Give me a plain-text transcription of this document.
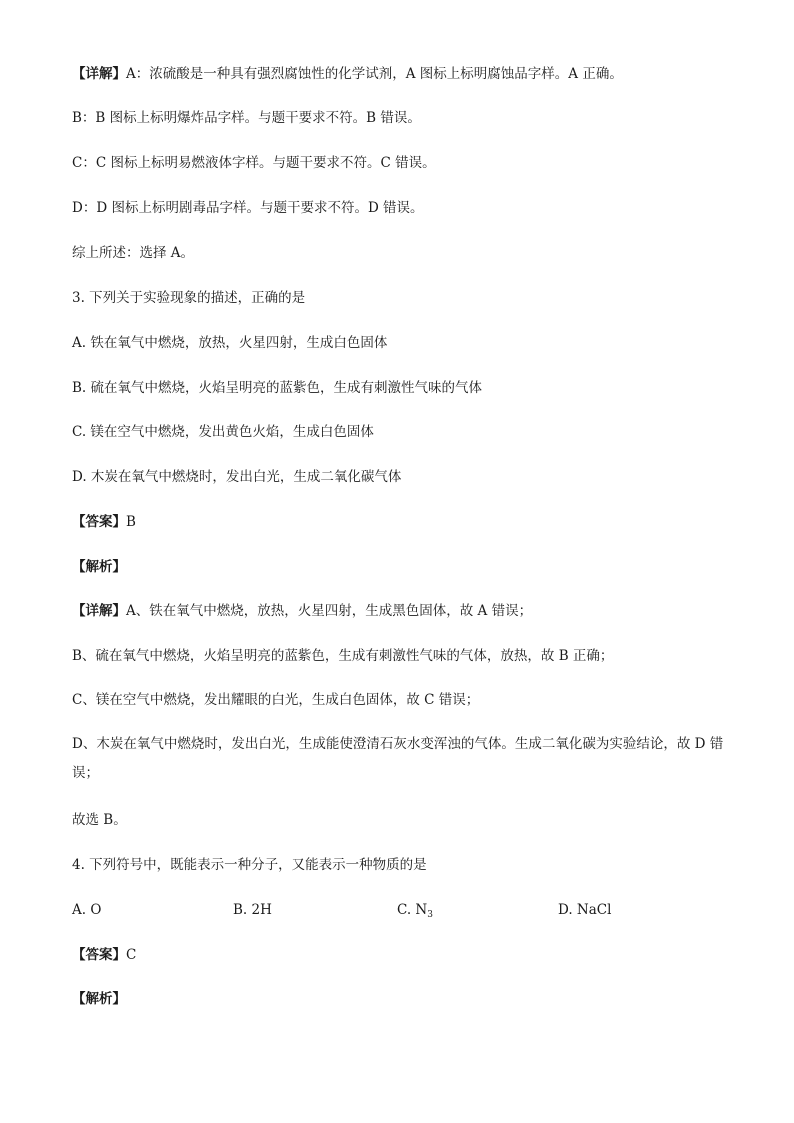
【详解】A：浓硫酸是一种具有强烈腐蚀性的化学试剂，A 图标上标明腐蚀品字样。A 正确。
B：B 图标上标明爆炸品字样。与题干要求不符。B 错误。
C：C 图标上标明易燃液体字样。与题干要求不符。C 错误。
D：D 图标上标明剧毒品字样。与题干要求不符。D 错误。
综上所述：选择 A。
3. 下列关于实验现象的描述，正确的是
A. 铁在氧气中燃烧，放热，火星四射，生成白色固体
B. 硫在氧气中燃烧，火焰呈明亮的蓝紫色，生成有刺激性气味的气体
C. 镁在空气中燃烧，发出黄色火焰，生成白色固体
D. 木炭在氧气中燃烧时，发出白光，生成二氧化碳气体
【答案】B
【解析】
【详解】A、铁在氧气中燃烧，放热，火星四射，生成黑色固体，故 A 错误；
B、硫在氧气中燃烧，火焰呈明亮的蓝紫色，生成有刺激性气味的气体，放热，故 B 正确；
C、镁在空气中燃烧，发出耀眼的白光，生成白色固体，故 C 错误；
D、木炭在氧气中燃烧时，发出白光，生成能使澄清石灰水变浑浊的气体。生成二氧化碳为实验结论，故 D 错误；
故选 B。
4. 下列符号中，既能表示一种分子，又能表示一种物质的是
A. O	B. 2H	C. $N_3$	D. NaCl
【答案】C
【解析】
